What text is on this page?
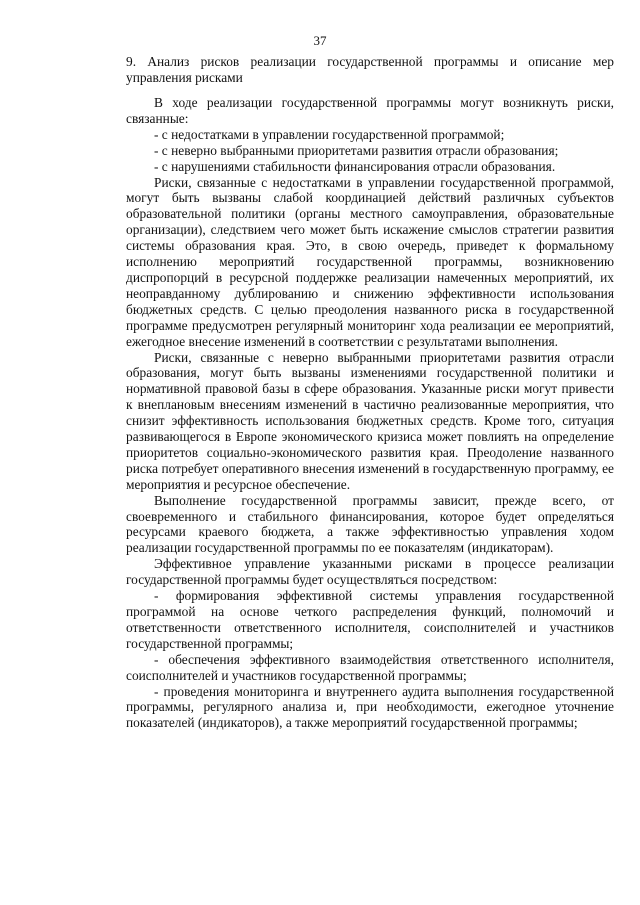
37
9. Анализ рисков реализации государственной программы и описание мер управления рисками

В ходе реализации государственной программы могут возникнуть риски, связанные:

- с недостатками в управлении государственной программой;

- с неверно выбранными приоритетами развития отрасли образования;

- с нарушениями стабильности финансирования отрасли образования.

Риски, связанные с недостатками в управлении государственной программой, могут быть вызваны слабой координацией действий различных субъектов образовательной политики (органы местного самоуправления, образовательные организации), следствием чего может быть искажение смыслов стратегии развития системы образования края. Это, в свою очередь, приведет к формальному исполнению мероприятий государственной программы, возникновению диспропорций в ресурсной поддержке реализации намеченных мероприятий, их неоправданному дублированию и снижению эффективности использования бюджетных средств. С целью преодоления названного риска в государственной программе предусмотрен регулярный мониторинг хода реализации ее мероприятий, ежегодное внесение изменений в соответствии с результатами выполнения.

Риски, связанные с неверно выбранными приоритетами развития отрасли образования, могут быть вызваны изменениями государственной политики и нормативной правовой базы в сфере образования. Указанные риски могут привести к внеплановым внесениям изменений в частично реализованные мероприятия, что снизит эффективность использования бюджетных средств. Кроме того, ситуация развивающегося в Европе экономического кризиса может повлиять на определение приоритетов социально-экономического развития края. Преодоление названного риска потребует оперативного внесения изменений в государственную программу, ее мероприятия и ресурсное обеспечение.

Выполнение государственной программы зависит, прежде всего, от своевременного и стабильного финансирования, которое будет определяться ресурсами краевого бюджета, а также эффективностью управления ходом реализации государственной программы по ее показателям (индикаторам).

Эффективное управление указанными рисками в процессе реализации государственной программы будет осуществляться посредством:

- формирования эффективной системы управления государственной программой на основе четкого распределения функций, полномочий и ответственности ответственного исполнителя, соисполнителей и участников государственной программы;

- обеспечения эффективного взаимодействия ответственного исполнителя, соисполнителей и участников государственной программы;

- проведения мониторинга и внутреннего аудита выполнения государственной программы, регулярного анализа и, при необходимости, ежегодное уточнение показателей (индикаторов), а также мероприятий государственной программы;
